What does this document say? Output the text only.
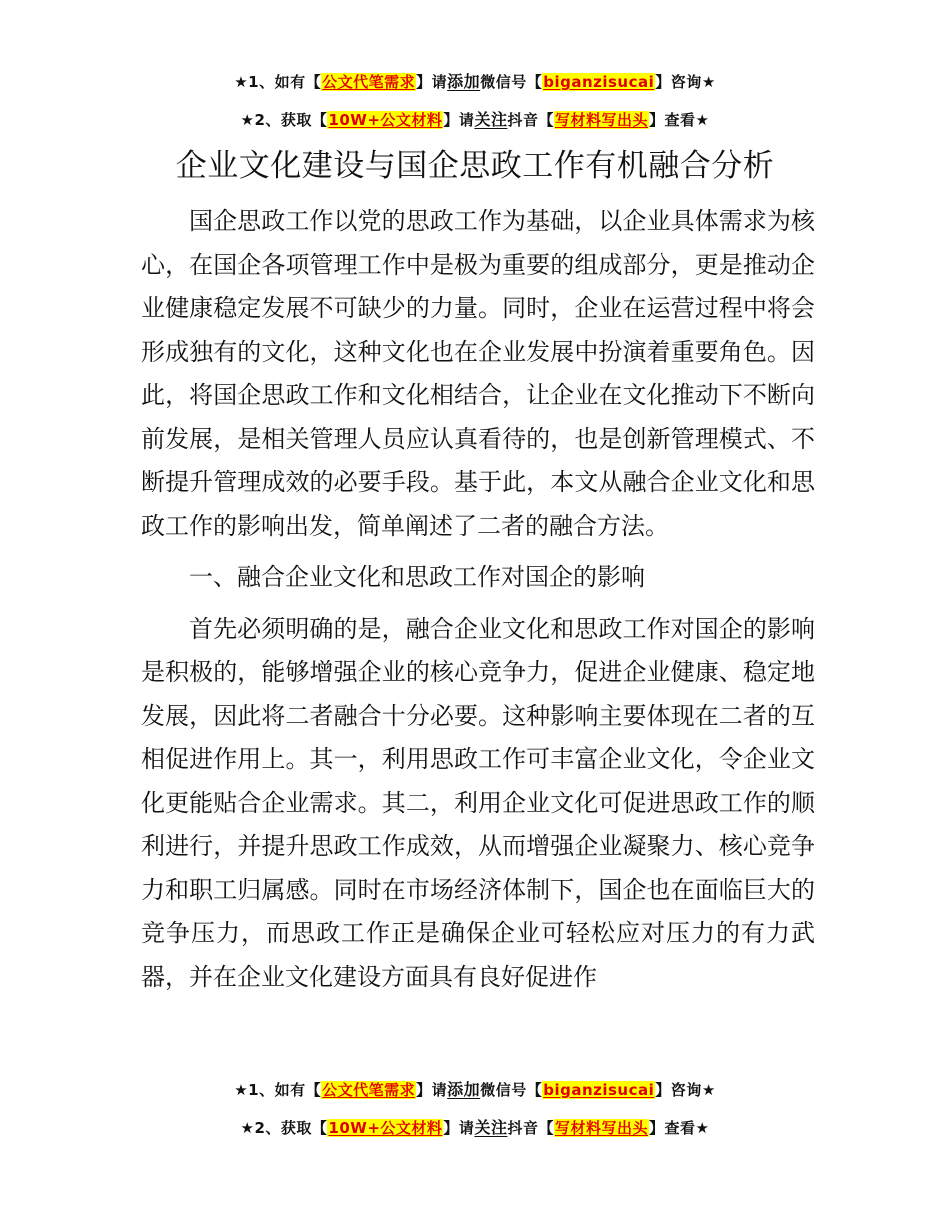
★1、如有【公文代笔需求】请添加微信号【biganzisucai】咨询★
★2、获取【10W+公文材料】请关注抖音【写材料写出头】查看★
企业文化建设与国企思政工作有机融合分析

国企思政工作以党的思政工作为基础，以企业具体需求为核心，在国企各项管理工作中是极为重要的组成部分，更是推动企业健康稳定发展不可缺少的力量。同时，企业在运营过程中将会形成独有的文化，这种文化也在企业发展中扮演着重要角色。因此，将国企思政工作和文化相结合，让企业在文化推动下不断向前发展，是相关管理人员应认真看待的，也是创新管理模式、不断提升管理成效的必要手段。基于此，本文从融合企业文化和思政工作的影响出发，简单阐述了二者的融合方法。

一、融合企业文化和思政工作对国企的影响

首先必须明确的是，融合企业文化和思政工作对国企的影响是积极的，能够增强企业的核心竞争力，促进企业健康、稳定地发展，因此将二者融合十分必要。这种影响主要体现在二者的互相促进作用上。其一，利用思政工作可丰富企业文化，令企业文化更能贴合企业需求。其二，利用企业文化可促进思政工作的顺利进行，并提升思政工作成效，从而增强企业凝聚力、核心竞争力和职工归属感。同时在市场经济体制下，国企也在面临巨大的竞争压力，而思政工作正是确保企业可轻松应对压力的有力武器，并在企业文化建设方面具有良好促进作

★1、如有【公文代笔需求】请添加微信号【biganzisucai】咨询★
★2、获取【10W+公文材料】请关注抖音【写材料写出头】查看★
